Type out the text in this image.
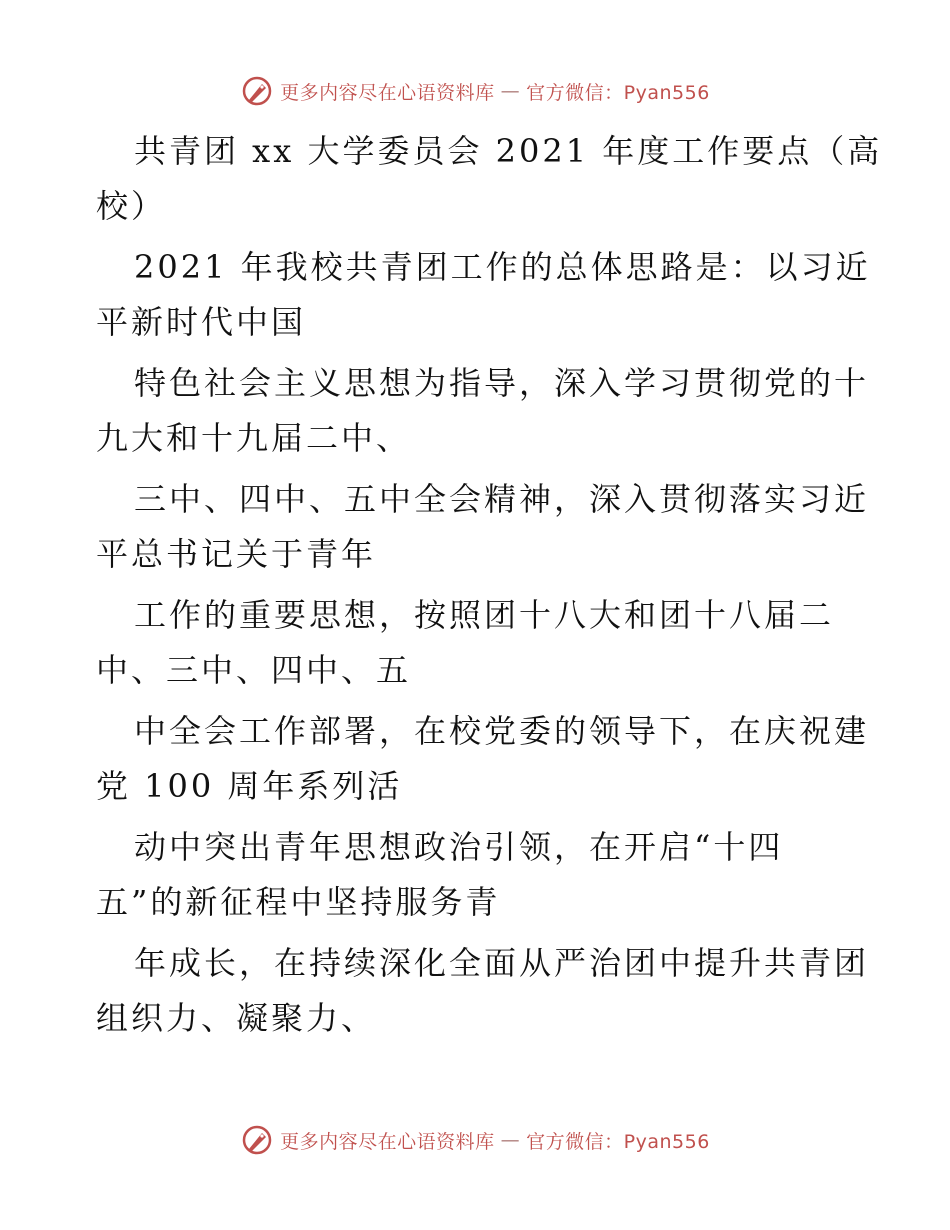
更多内容尽在心语资料库 — 官方微信：Pyan556
共青团 xx 大学委员会 2021 年度工作要点（高
校）
2021 年我校共青团工作的总体思路是：以习近
平新时代中国
特色社会主义思想为指导，深入学习贯彻党的十
九大和十九届二中、
三中、四中、五中全会精神，深入贯彻落实习近
平总书记关于青年
工作的重要思想，按照团十八大和团十八届二
中、三中、四中、五
中全会工作部署，在校党委的领导下，在庆祝建
党 100 周年系列活
动中突出青年思想政治引领，在开启“十四
五”的新征程中坚持服务青
年成长，在持续深化全面从严治团中提升共青团
组织力、凝聚力、
更多内容尽在心语资料库 — 官方微信：Pyan556
